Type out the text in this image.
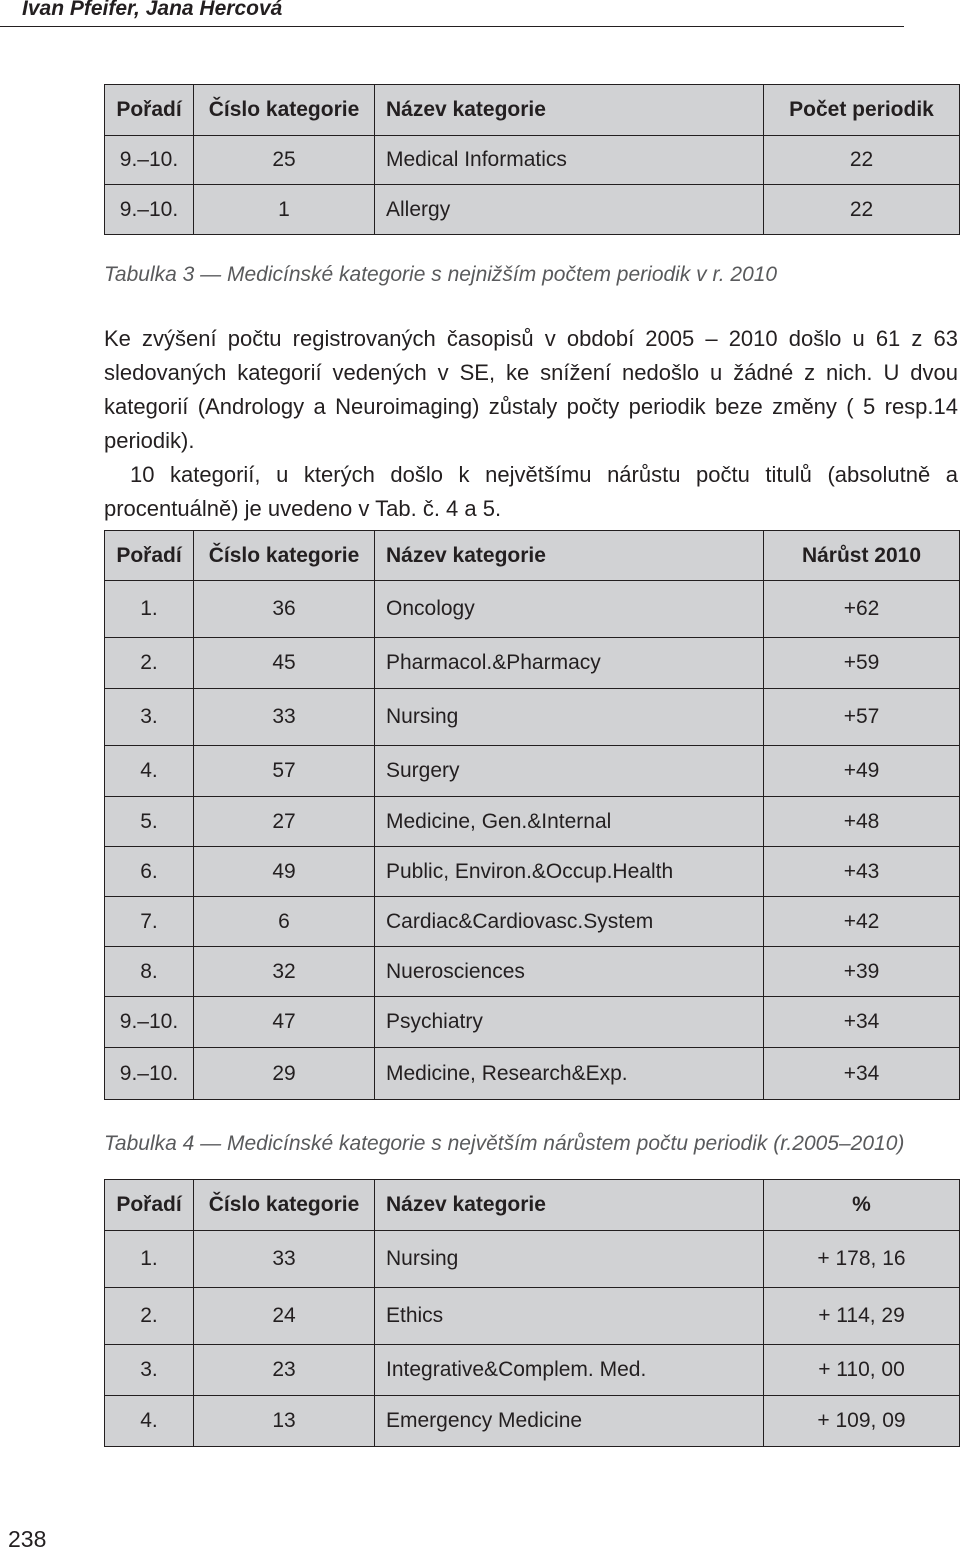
Ivan Pfeifer, Jana Hercová
Pořadí	Číslo kategorie	Název kategorie	Počet periodik
9.–10.	25	Medical Informatics	22
9.–10.	1	Allergy	22
Tabulka 3 — Medicínské kategorie s nejnižším počtem periodik v r. 2010

Ke zvýšení počtu registrovaných časopisů v období 2005 – 2010 došlo u 61 z 63 sledovaných kategorií vedených v SE, ke snížení nedošlo u žádné z nich. U dvou kategorií (Andrology a Neuroimaging) zůstaly počty periodik beze změny ( 5 resp.14 periodik).

10 kategorií, u kterých došlo k největšímu nárůstu počtu titulů (absolutně a procentuálně) je uvedeno v Tab. č. 4 a 5.

Pořadí	Číslo kategorie	Název kategorie	Nárůst 2010
1.	36	Oncology	+62
2.	45	Pharmacol.&Pharmacy	+59
3.	33	Nursing	+57
4.	57	Surgery	+49
5.	27	Medicine, Gen.&Internal	+48
6.	49	Public, Environ.&Occup.Health	+43
7.	6	Cardiac&Cardiovasc.System	+42
8.	32	Nuerosciences	+39
9.–10.	47	Psychiatry	+34
9.–10.	29	Medicine, Research&Exp.	+34
Tabulka 4 — Medicínské kategorie s největším nárůstem počtu periodik (r.2005–2010)
Pořadí	Číslo kategorie	Název kategorie	%
1.	33	Nursing	+ 178, 16
2.	24	Ethics	+ 114, 29
3.	23	Integrative&Complem. Med.	+ 110, 00
4.	13	Emergency Medicine	+ 109, 09
238
